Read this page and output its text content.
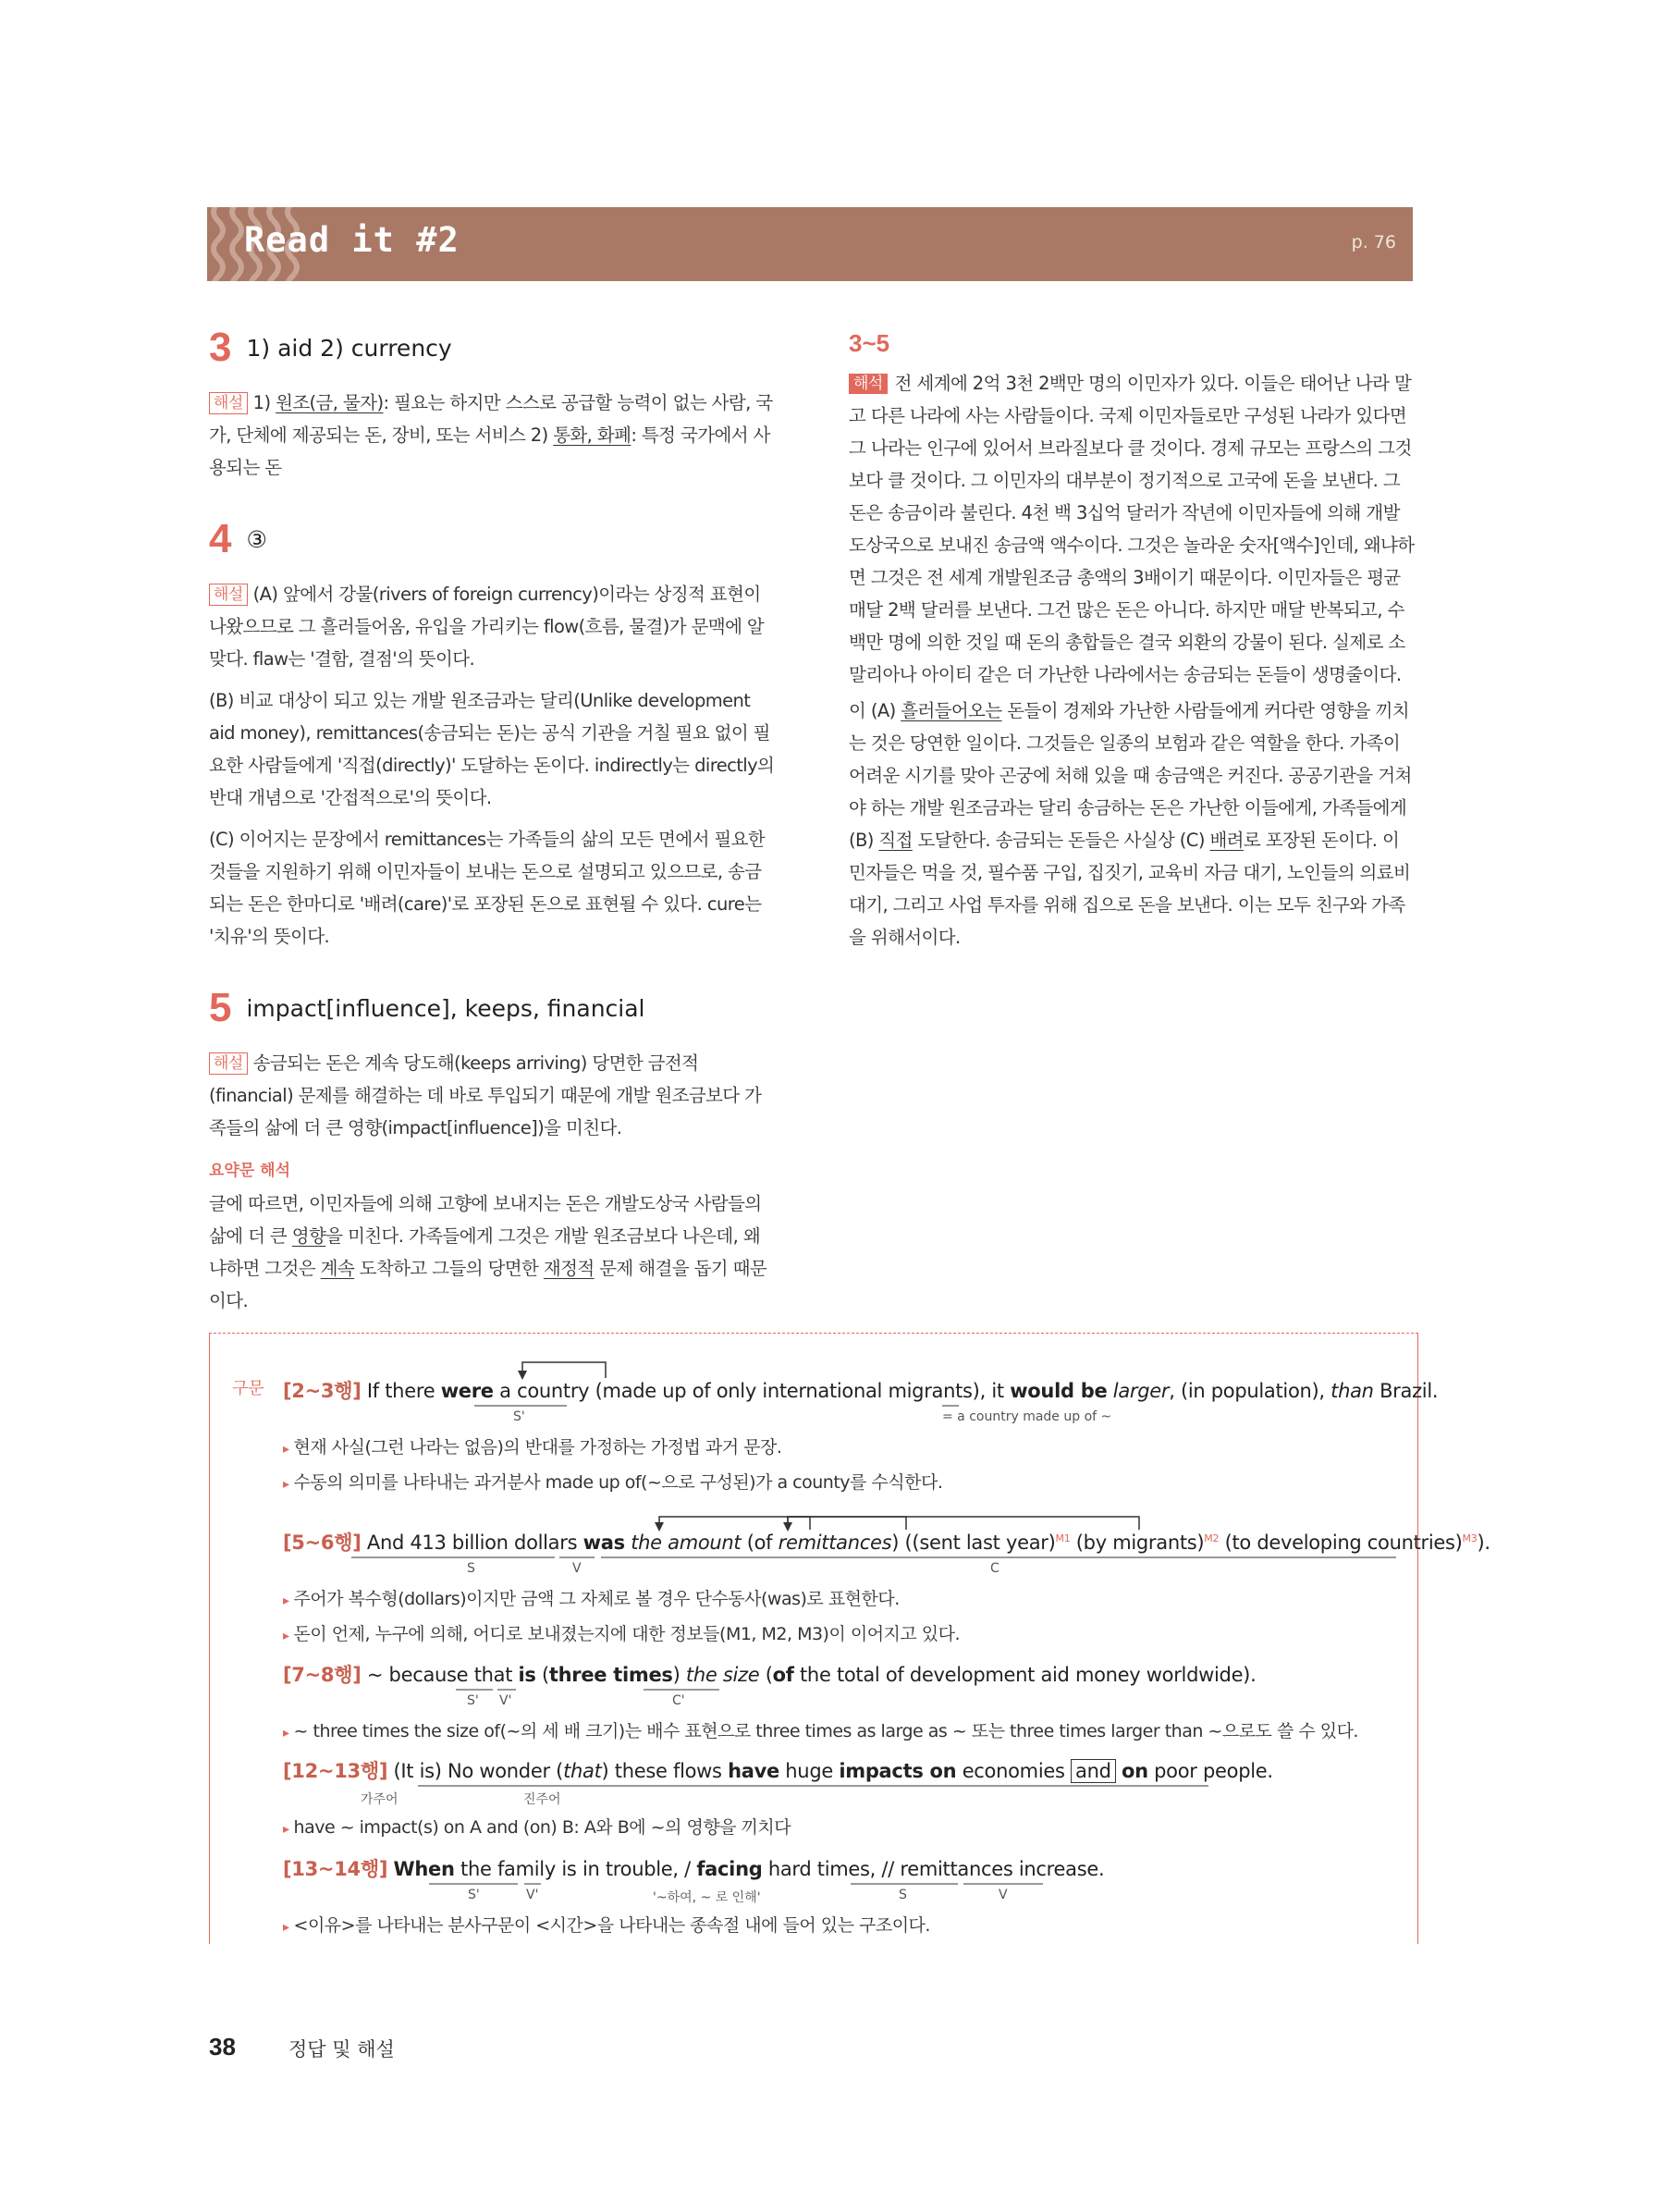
Read it #2	p. 76
3 1) aid 2) currency

해설 1) 원조(금, 물자): 필요는 하지만 스스로 공급할 능력이 없는 사람, 국가, 단체에 제공되는 돈, 장비, 또는 서비스 2) 통화, 화폐: 특정 국가에서 사용되는 돈

4 ③

해설 (A) 앞에서 강물(rivers of foreign currency)이라는 상징적 표현이 나왔으므로 그 흘러들어옴, 유입을 가리키는 flow(흐름, 물결)가 문맥에 알맞다. flaw는 '결함, 결점'의 뜻이다.

(B) 비교 대상이 되고 있는 개발 원조금과는 달리(Unlike development aid money), remittances(송금되는 돈)는 공식 기관을 거칠 필요 없이 필요한 사람들에게 '직접(directly)' 도달하는 돈이다. indirectly는 directly의 반대 개념으로 '간접적으로'의 뜻이다.

(C) 이어지는 문장에서 remittances는 가족들의 삶의 모든 면에서 필요한 것들을 지원하기 위해 이민자들이 보내는 돈으로 설명되고 있으므로, 송금되는 돈은 한마디로 '배려(care)'로 포장된 돈으로 표현될 수 있다. cure는 '치유'의 뜻이다.

5 impact[influence], keeps, financial

해설 송금되는 돈은 계속 당도해(keeps arriving) 당면한 금전적(financial) 문제를 해결하는 데 바로 투입되기 때문에 개발 원조금보다 가족들의 삶에 더 큰 영향(impact[influence])을 미친다.

요약문 해석

글에 따르면, 이민자들에 의해 고향에 보내지는 돈은 개발도상국 사람들의 삶에 더 큰 영향을 미친다. 가족들에게 그것은 개발 원조금보다 나은데, 왜냐하면 그것은 계속 도착하고 그들의 당면한 재정적 문제 해결을 돕기 때문이다.

3~5

해석 전 세계에 2억 3천 2백만 명의 이민자가 있다. 이들은 태어난 나라 말고 다른 나라에 사는 사람들이다. 국제 이민자들로만 구성된 나라가 있다면 그 나라는 인구에 있어서 브라질보다 클 것이다. 경제 규모는 프랑스의 그것보다 클 것이다. 그 이민자의 대부분이 정기적으로 고국에 돈을 보낸다. 그 돈은 송금이라 불린다. 4천 백 3십억 달러가 작년에 이민자들에 의해 개발도상국으로 보내진 송금액 액수이다. 그것은 놀라운 숫자[액수]인데, 왜냐하면 그것은 전 세계 개발원조금 총액의 3배이기 때문이다. 이민자들은 평균 매달 2백 달러를 보낸다. 그건 많은 돈은 아니다. 하지만 매달 반복되고, 수백만 명에 의한 것일 때 돈의 총합들은 결국 외환의 강물이 된다. 실제로 소말리아나 아이티 같은 더 가난한 나라에서는 송금되는 돈들이 생명줄이다.

이 (A) 흘러들어오는 돈들이 경제와 가난한 사람들에게 커다란 영향을 끼치는 것은 당연한 일이다. 그것들은 일종의 보험과 같은 역할을 한다. 가족이 어려운 시기를 맞아 곤궁에 처해 있을 때 송금액은 커진다. 공공기관을 거쳐야 하는 개발 원조금과는 달리 송금하는 돈은 가난한 이들에게, 가족들에게 (B) 직접 도달한다. 송금되는 돈들은 사실상 (C) 배려로 포장된 돈이다. 이민자들은 먹을 것, 필수품 구입, 집짓기, 교육비 자금 대기, 노인들의 의료비 대기, 그리고 사업 투자를 위해 집으로 돈을 보낸다. 이는 모두 친구와 가족을 위해서이다.

구문 [2~3행] If there were a country (made up of only international migrants), it would be larger, (in population), than Brazil.
S'	= a country made up of ~
▸ 현재 사실(그런 나라는 없음)의 반대를 가정하는 가정법 과거 문장.
▸ 수동의 의미를 나타내는 과거분사 made up of(~으로 구성된)가 a county를 수식한다.
[5~6행] And 413 billion dollars was the amount (of remittances) ((sent last year)$^{M1}$ (by migrants)$^{M2}$ (to developing countries)$^{M3}$).
S	V	C
▸ 주어가 복수형(dollars)이지만 금액 그 자체로 볼 경우 단수동사(was)로 표현한다.
▸ 돈이 언제, 누구에 의해, 어디로 보내졌는지에 대한 정보들(M1, M2, M3)이 이어지고 있다.
[7~8행] ~ because that is (three times) the size (of the total of development aid money worldwide).
S' V'	C'
▸ ~ three times the size of(~의 세 배 크기)는 배수 표현으로 three times as large as ~ 또는 three times larger than ~으로도 쓸 수 있다.
[12~13행] (It is) No wonder (that) these flows have huge impacts on economies and on poor people.
가주어	진주어
▸ have ~ impact(s) on A and (on) B: A와 B에 ~의 영향을 끼치다
[13~14행] When the family is in trouble, / facing hard times, // remittances increase.
S'	V'	'~하여, ~ 로 인해'	S	V
▸ <이유>를 나타내는 분사구문이 <시간>을 나타내는 종속절 내에 들어 있는 구조이다.
38	정답 및 해설
